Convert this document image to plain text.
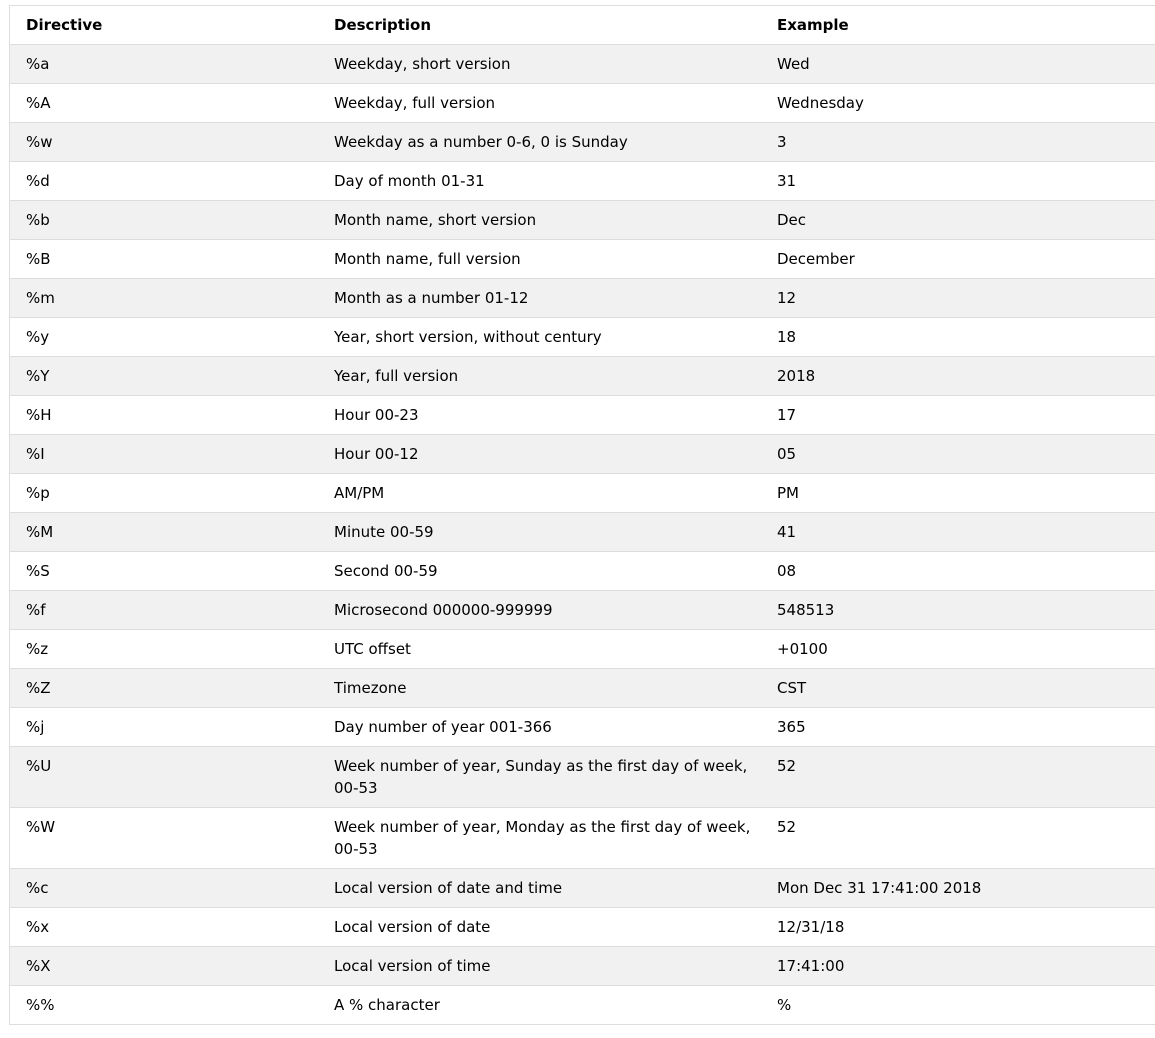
Directive	Description	Example
%a	Weekday, short version	Wed
%A	Weekday, full version	Wednesday
%w	Weekday as a number 0-6, 0 is Sunday	3
%d	Day of month 01-31	31
%b	Month name, short version	Dec
%B	Month name, full version	December
%m	Month as a number 01-12	12
%y	Year, short version, without century	18
%Y	Year, full version	2018
%H	Hour 00-23	17
%I	Hour 00-12	05
%p	AM/PM	PM
%M	Minute 00-59	41
%S	Second 00-59	08
%f	Microsecond 000000-999999	548513
%z	UTC offset	+0100
%Z	Timezone	CST
%j	Day number of year 001-366	365
%U	Week number of year, Sunday as the first day of week, 00-53	52
%W	Week number of year, Monday as the first day of week, 00-53	52
%c	Local version of date and time	Mon Dec 31 17:41:00 2018
%x	Local version of date	12/31/18
%X	Local version of time	17:41:00
%%	A % character	%
